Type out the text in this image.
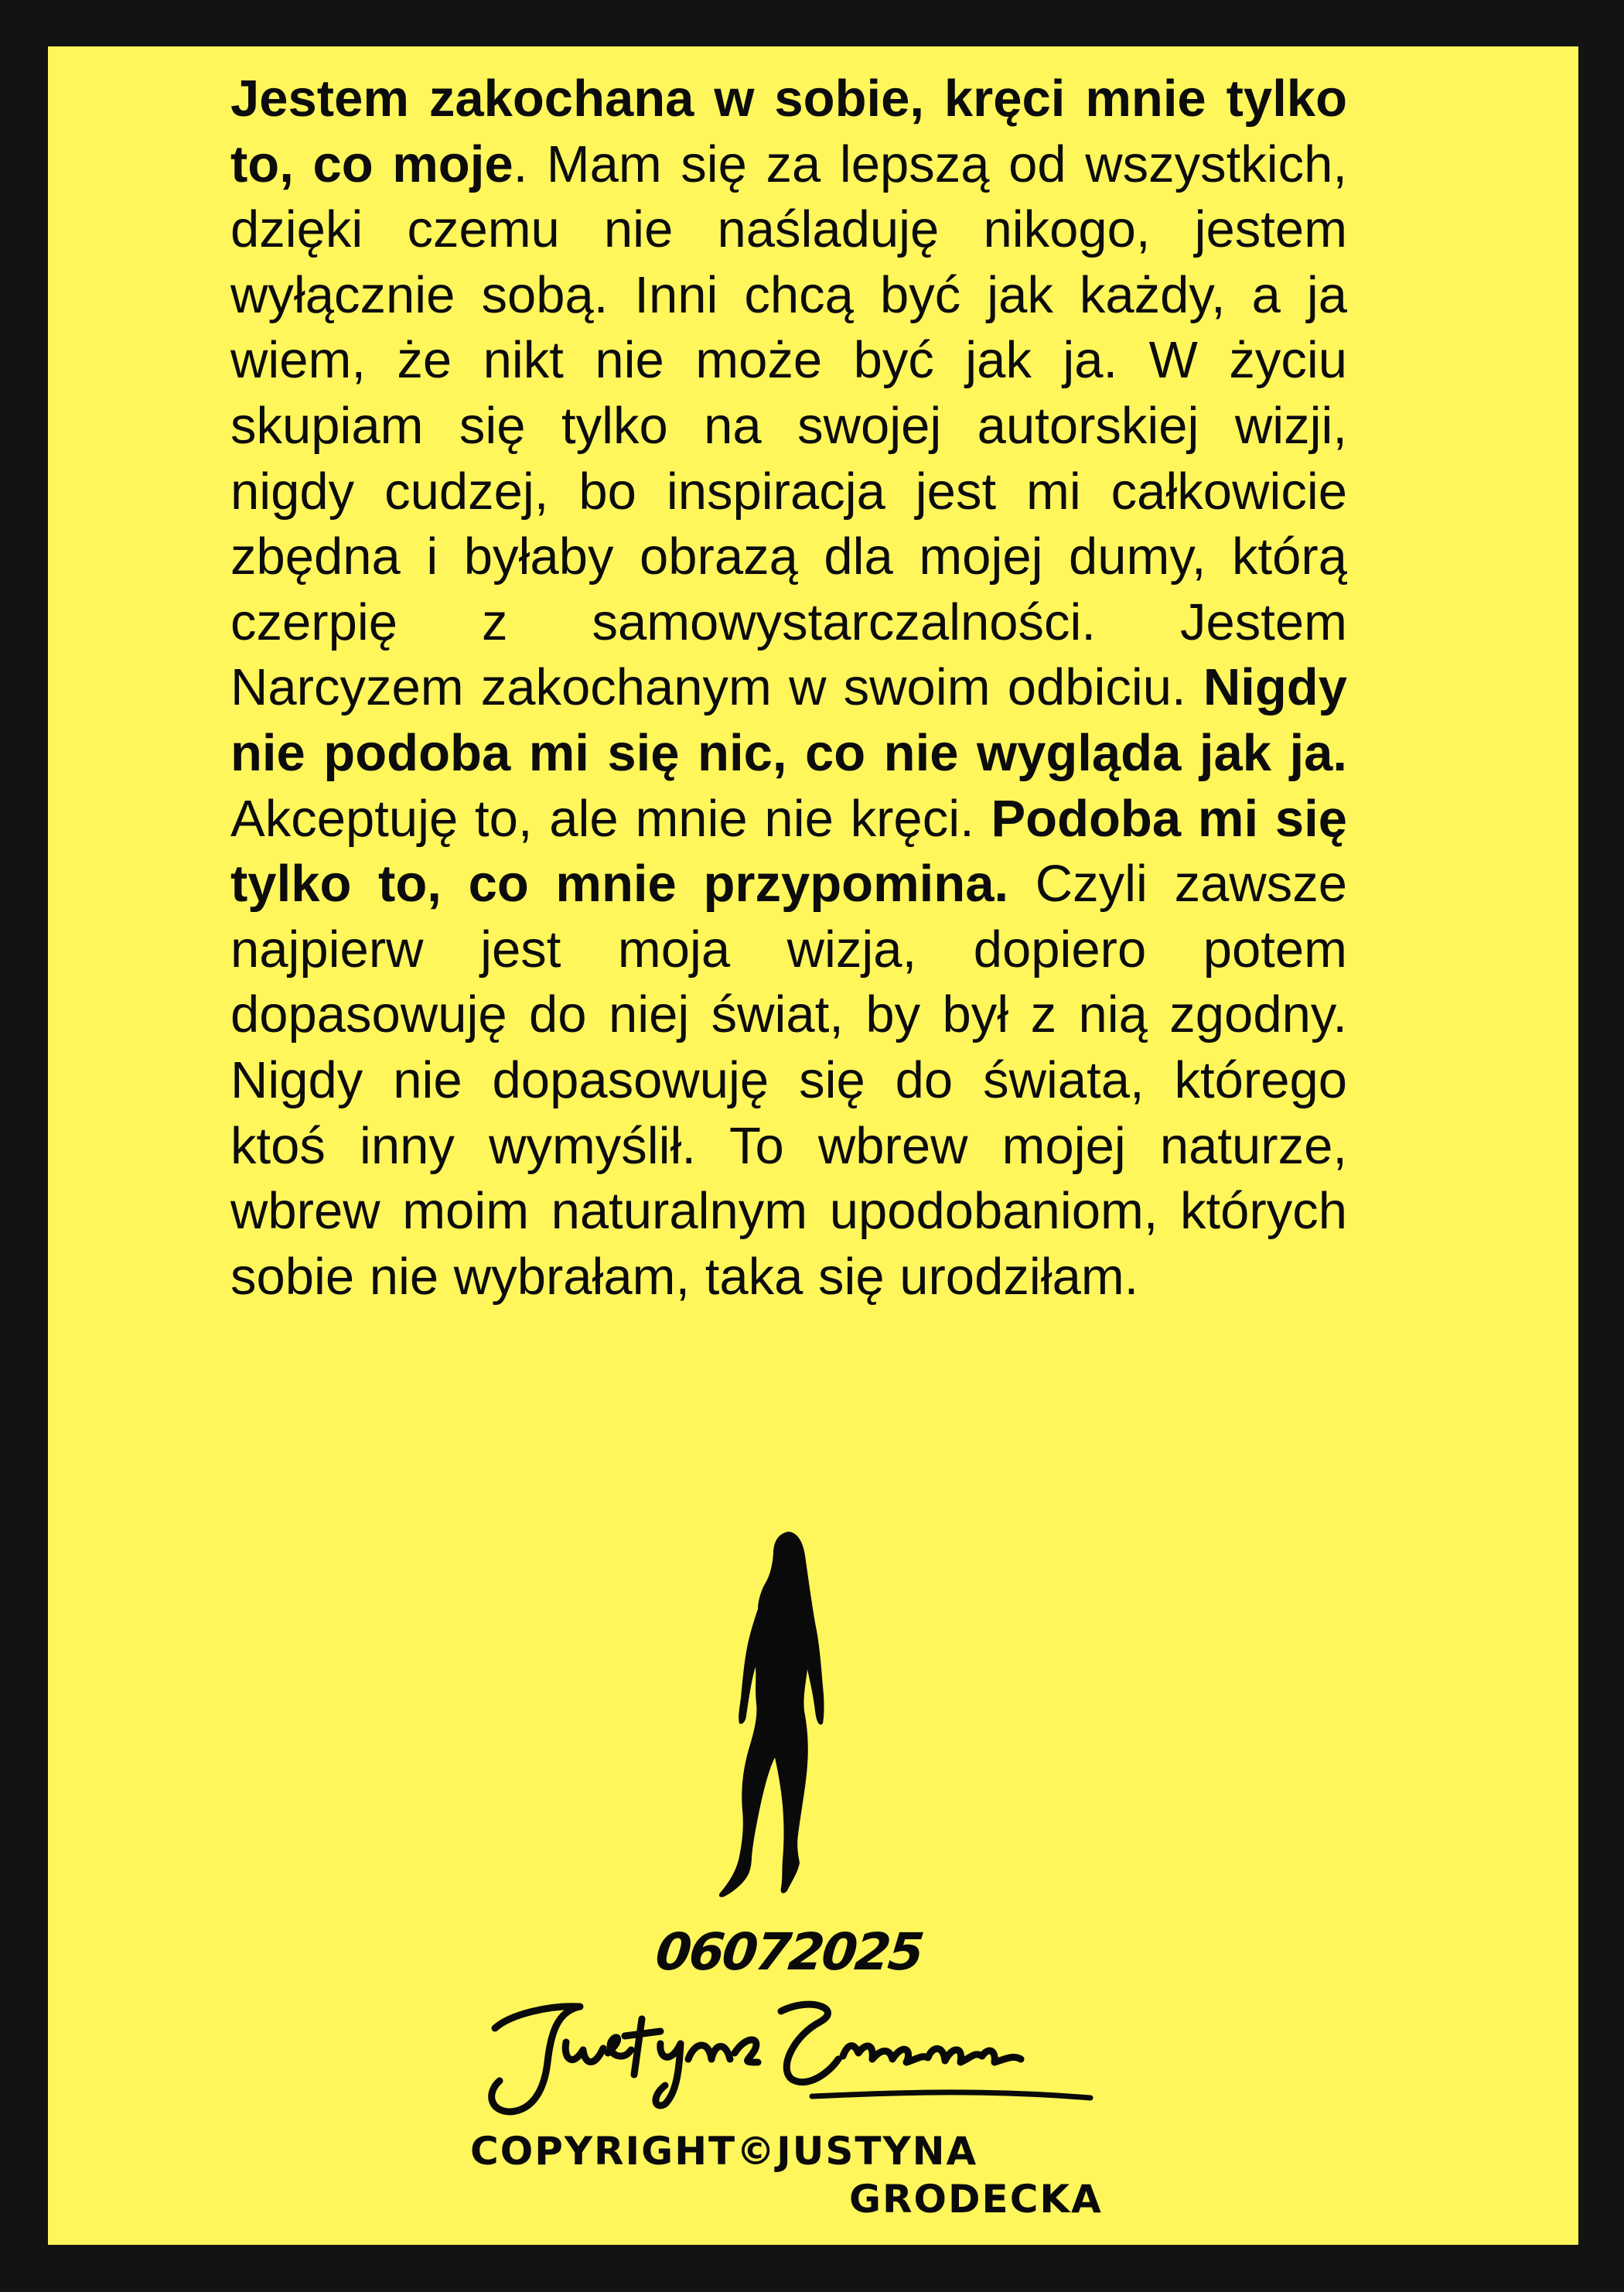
Jestem zakochana w sobie, kręci mnie tylko to, co moje. Mam się za lepszą od wszystkich, dzięki czemu nie naśladuję nikogo, jestem wyłącznie sobą. Inni chcą być jak każdy, a ja wiem, że nikt nie może być jak ja. W życiu skupiam się tylko na swojej autorskiej wizji, nigdy cudzej, bo inspiracja jest mi całkowicie zbędna i byłaby obrazą dla mojej dumy, którą czerpię z samowystarczalności. Jestem Narcyzem zakochanym w swoim odbiciu. Nigdy nie podoba mi się nic, co nie wygląda jak ja. Akceptuję to, ale mnie nie kręci. Podoba mi się tylko to, co mnie przypomina. Czyli zawsze najpierw jest moja wizja, dopiero potem dopasowuję do niej świat, by był z nią zgodny. Nigdy nie dopasowuję się do świata, którego ktoś inny wymyślił. To wbrew mojej naturze, wbrew moim naturalnym upodobaniom, których sobie nie wybrałam, taka się urodziłam.
06072025
COPYRIGHT©JUSTYNA
GRODECKA
